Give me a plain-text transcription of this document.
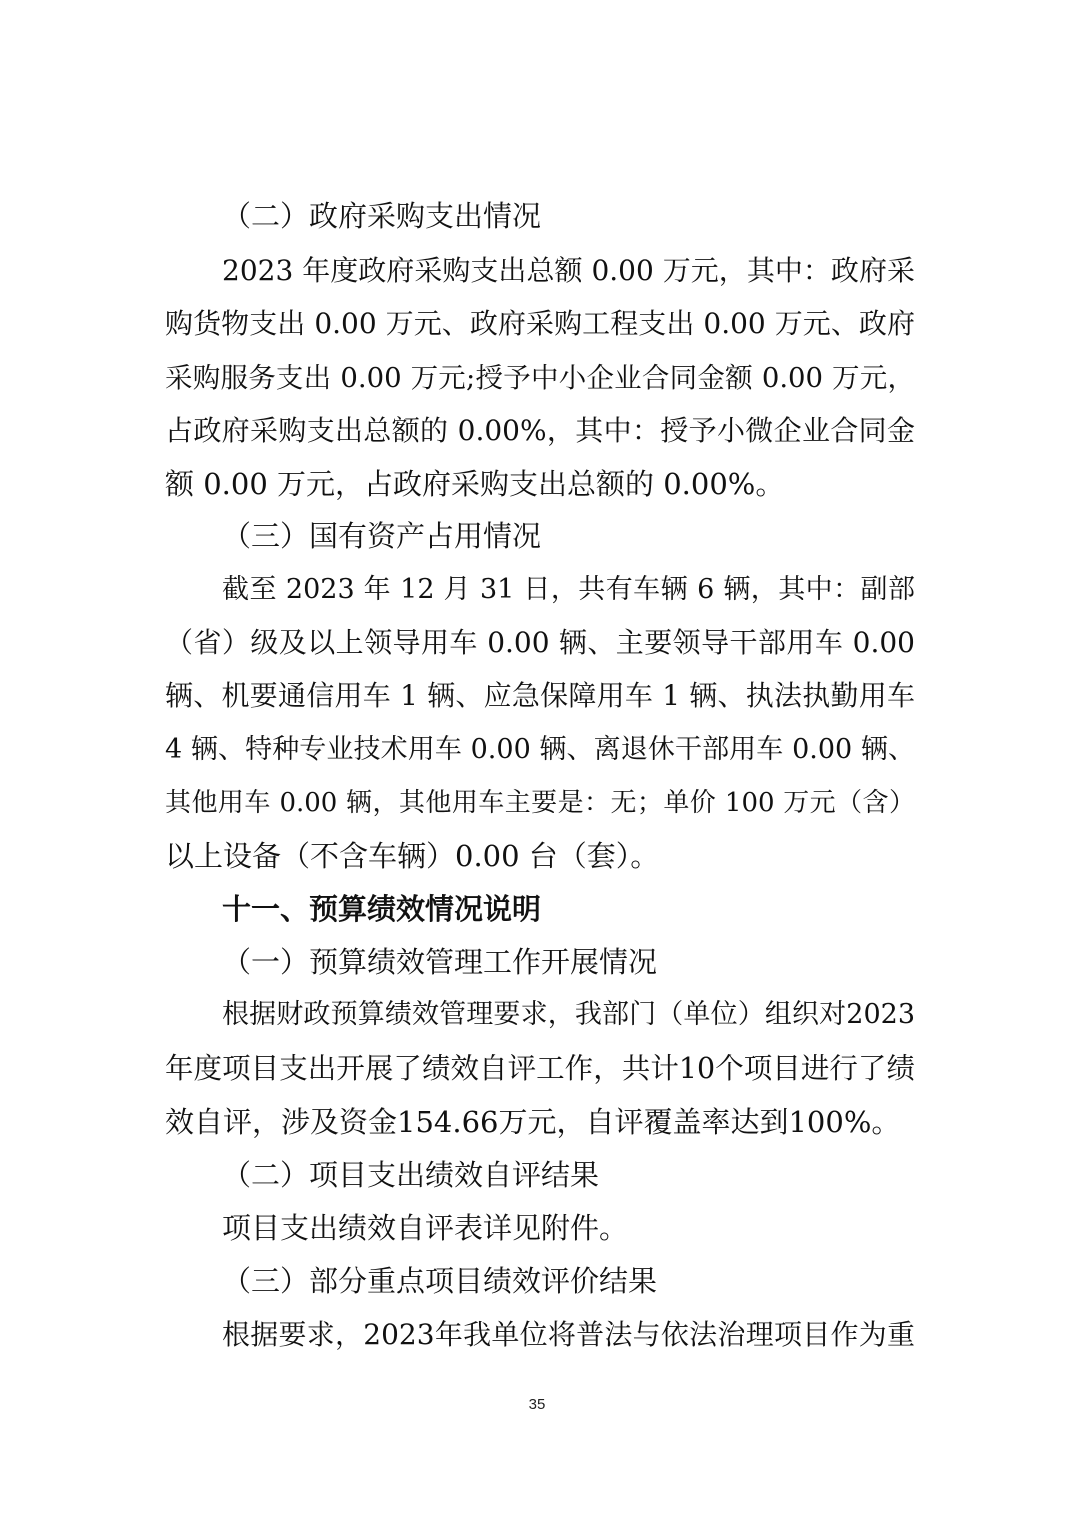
（二）政府采购支出情况
2023 年度政府采购支出总额 0.00 万元，其中：政府采
购货物支出 0.00 万元、政府采购工程支出 0.00 万元、政府
采购服务支出 0.00 万元;授予中小企业合同金额 0.00 万元，
占政府采购支出总额的 0.00%，其中：授予小微企业合同金
额 0.00 万元，占政府采购支出总额的 0.00%。
（三）国有资产占用情况
截至 2023 年 12 月 31 日，共有车辆 6 辆，其中：副部
（省）级及以上领导用车 0.00 辆、主要领导干部用车 0.00
辆、机要通信用车 1 辆、应急保障用车 1 辆、执法执勤用车
4 辆、特种专业技术用车 0.00 辆、离退休干部用车 0.00 辆、
其他用车 0.00 辆，其他用车主要是：无；单价 100 万元（含）
以上设备（不含车辆）0.00 台（套）。
十一、预算绩效情况说明
（一）预算绩效管理工作开展情况
根据财政预算绩效管理要求，我部门（单位）组织对2023
年度项目支出开展了绩效自评工作，共计10个项目进行了绩
效自评，涉及资金154.66万元，自评覆盖率达到100%。
（二）项目支出绩效自评结果
项目支出绩效自评表详见附件。
（三）部分重点项目绩效评价结果
根据要求，2023年我单位将普法与依法治理项目作为重
35
